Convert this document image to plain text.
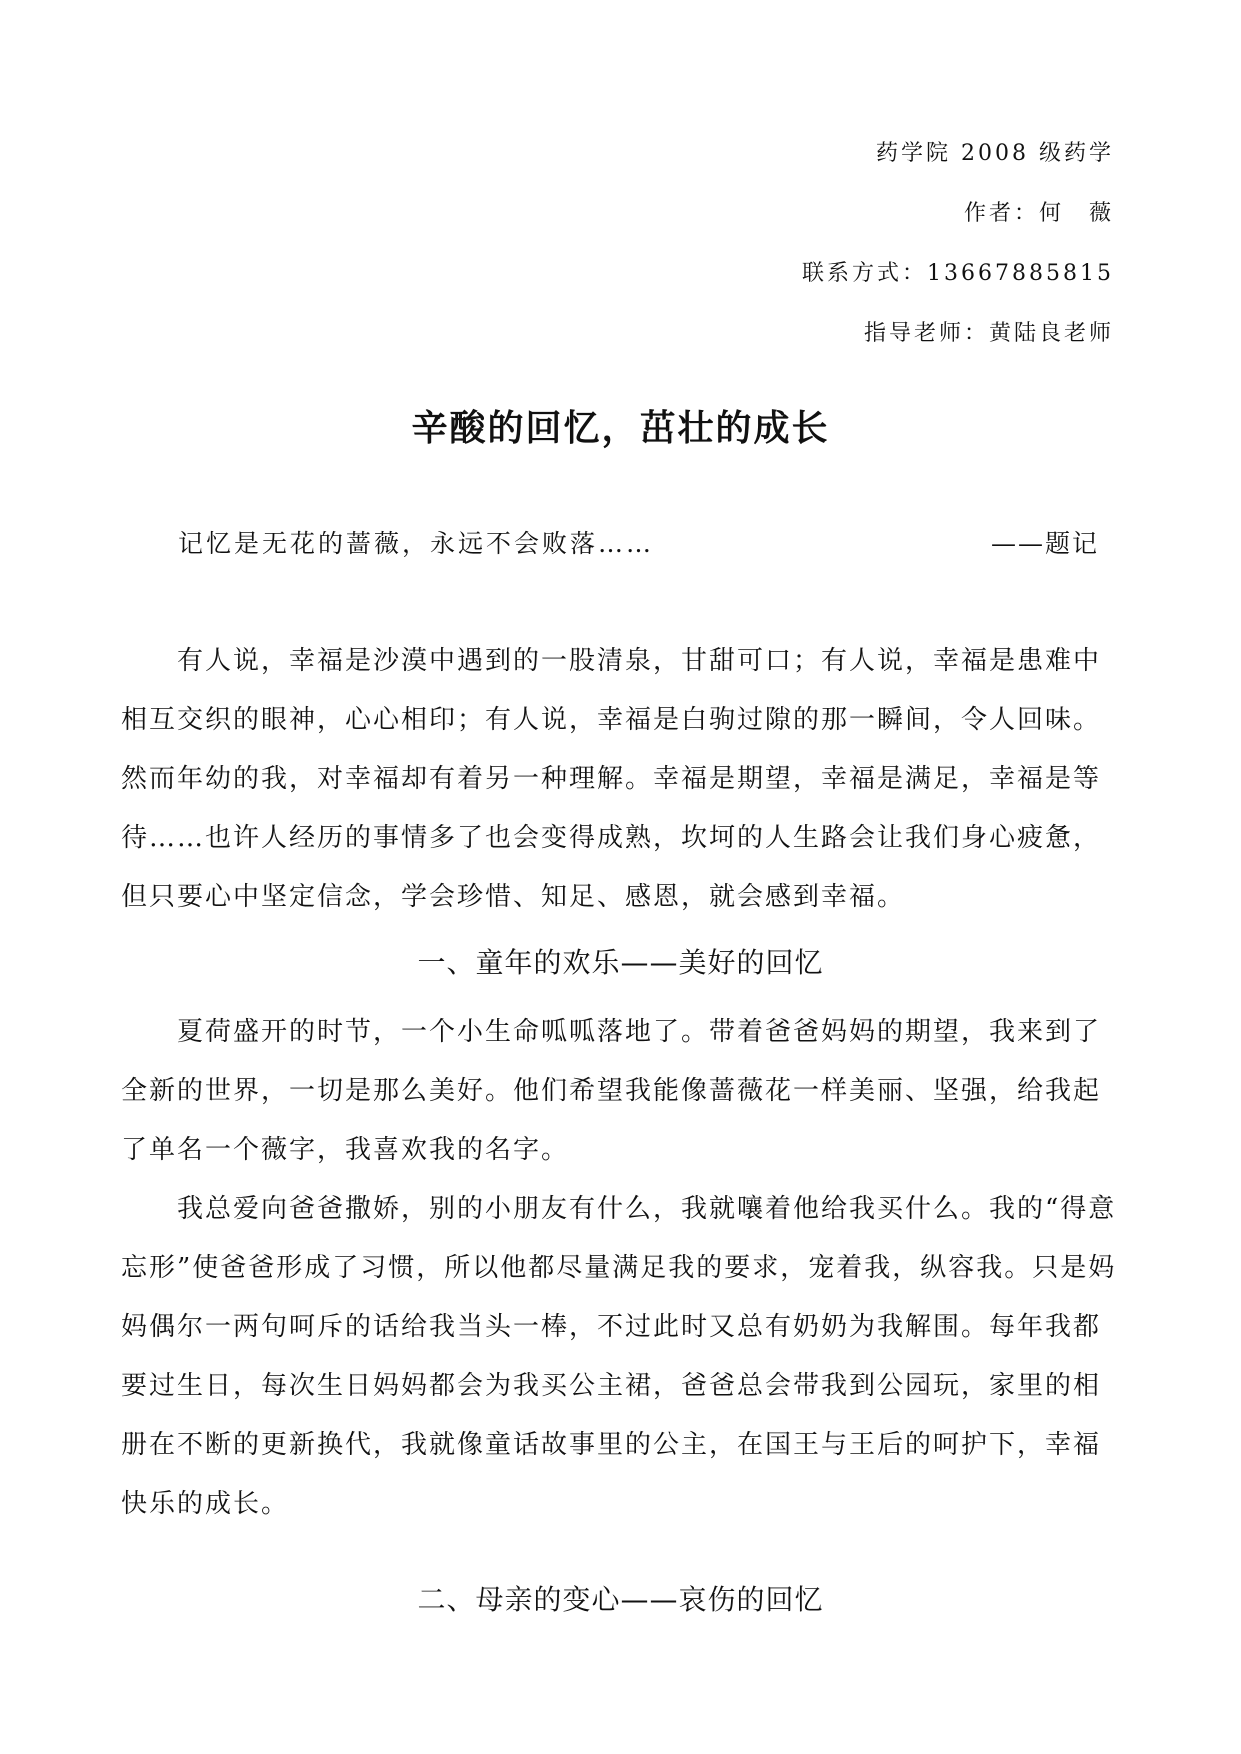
药学院 2008 级药学
作者：何　薇
联系方式：13667885815
指导老师：黄陆良老师
辛酸的回忆，茁壮的成长
记忆是无花的蔷薇，永远不会败落……	——题记

有人说，幸福是沙漠中遇到的一股清泉，甘甜可口；有人说，幸福是患难中相互交织的眼神，心心相印；有人说，幸福是白驹过隙的那一瞬间，令人回味。然而年幼的我，对幸福却有着另一种理解。幸福是期望，幸福是满足，幸福是等待……也许人经历的事情多了也会变得成熟，坎坷的人生路会让我们身心疲惫，但只要心中坚定信念，学会珍惜、知足、感恩，就会感到幸福。

一、童年的欢乐——美好的回忆

夏荷盛开的时节，一个小生命呱呱落地了。带着爸爸妈妈的期望，我来到了全新的世界，一切是那么美好。他们希望我能像蔷薇花一样美丽、坚强，给我起了单名一个薇字，我喜欢我的名字。

我总爱向爸爸撒娇，别的小朋友有什么，我就嚷着他给我买什么。我的“得意忘形”使爸爸形成了习惯，所以他都尽量满足我的要求，宠着我，纵容我。只是妈妈偶尔一两句呵斥的话给我当头一棒，不过此时又总有奶奶为我解围。每年我都要过生日，每次生日妈妈都会为我买公主裙，爸爸总会带我到公园玩，家里的相册在不断的更新换代，我就像童话故事里的公主，在国王与王后的呵护下，幸福快乐的成长。

二、母亲的变心——哀伤的回忆
